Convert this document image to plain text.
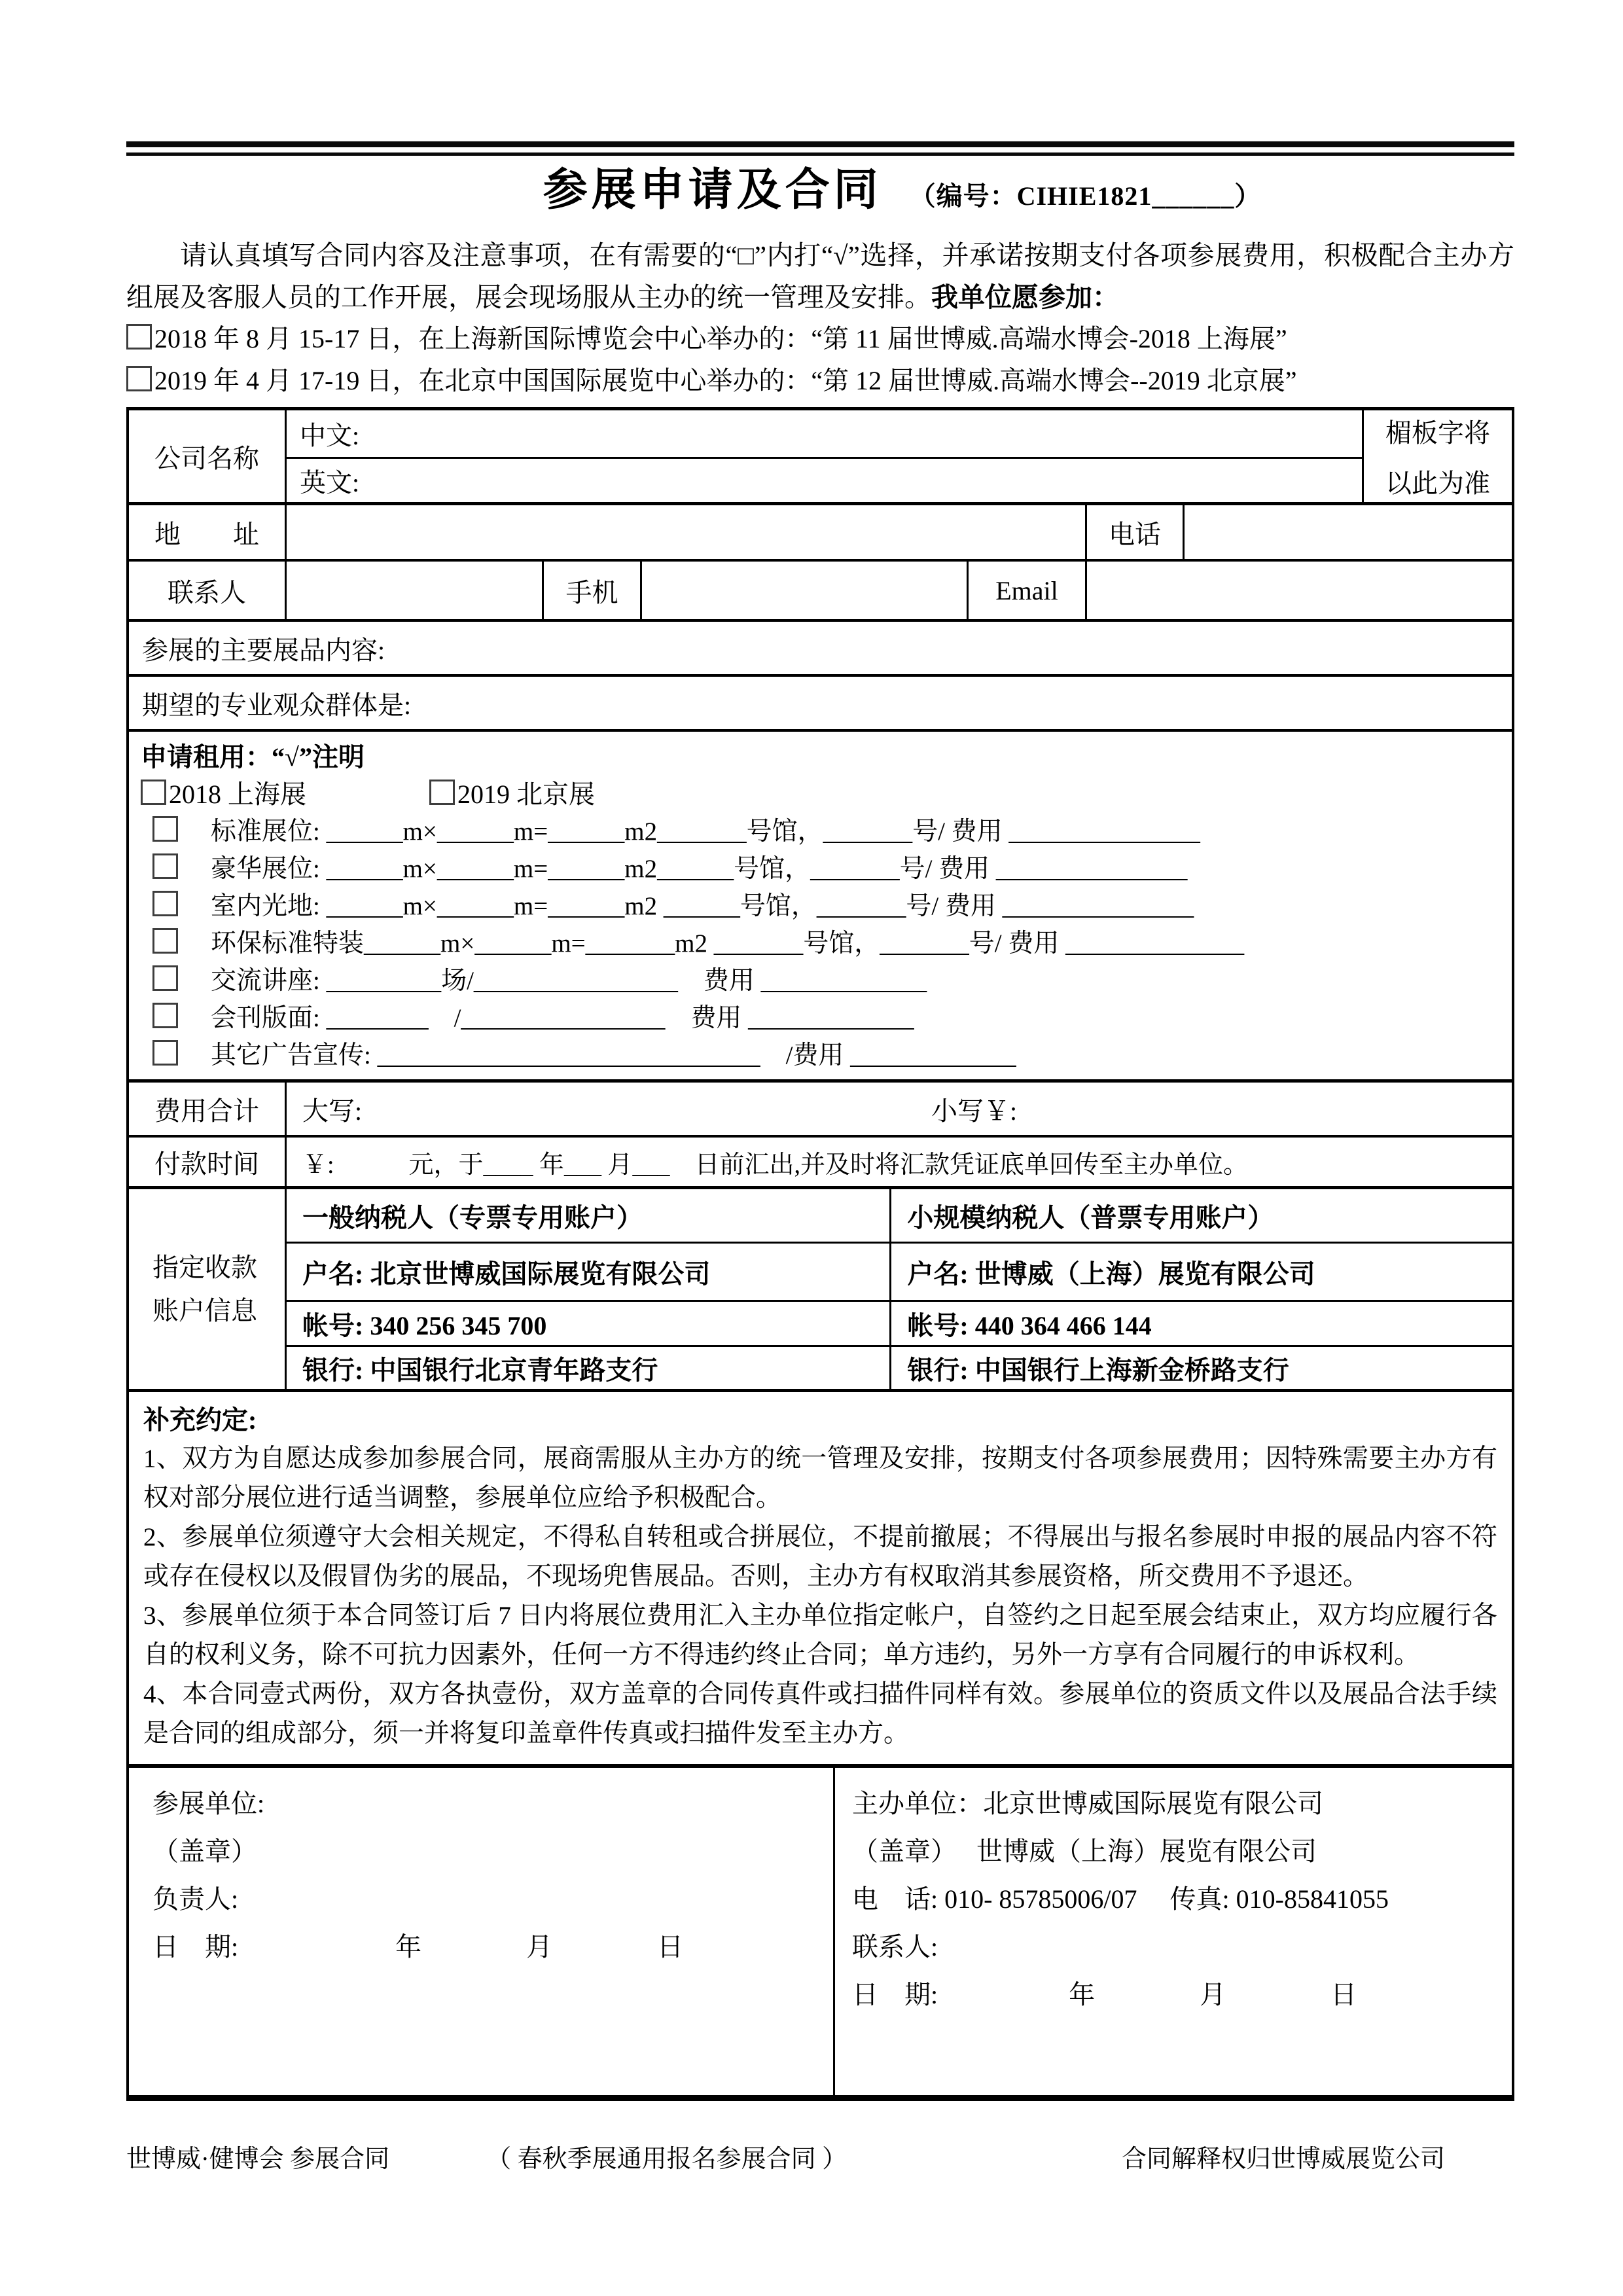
参展申请及合同 （编号：CIHIE1821______）

请认真填写合同内容及注意事项，在有需要的“□”内打“√”选择，并承诺按期支付各项参展费用，积极配合主办方组展及客服人员的工作开展，展会现场服从主办的统一管理及安排。我单位愿参加：

2018 年 8 月 15-17 日，在上海新国际博览会中心举办的：“第 11 届世博威.高端水博会-2018 上海展”
2019 年 4 月 17-19 日，在北京中国国际展览中心举办的：“第 12 届世博威.高端水博会--2019 北京展”
公司名称
中文:
英文:
楣板字将
以此为准
地　　址	电话
联系人	手机	Email
参展的主要展品内容:
期望的专业观众群体是:
申请租用：“√”注明
2018 上海展	2019 北京展
标准展位: ______m×______m=______m2_______号馆，_______号/ 费用 _______________
豪华展位: ______m×______m=______m2______号馆，_______号/ 费用 _______________
室内光地: ______m×______m=______m2 ______号馆，_______号/ 费用 _______________
环保标准特装______m×______m=_______m2 _______号馆，_______号/ 费用 ______________
交流讲座: _________场/________________　费用 _____________
会刊版面: ________　/________________　费用 _____________
其它广告宣传: ______________________________　/费用 _____________
费用合计	大写:	小写￥:
付款时间	￥:　　　元，于____ 年___ 月___　日前汇出,并及时将汇款凭证底单回传至主办单位。
指定收款
账户信息
一般纳税人（专票专用账户）	小规模纳税人（普票专用账户）
户名: 北京世博威国际展览有限公司	户名: 世博威（上海）展览有限公司
帐号: 340 256 345 700	帐号: 440 364 466 144
银行: 中国银行北京青年路支行	银行: 中国银行上海新金桥路支行
补充约定:

1、双方为自愿达成参加参展合同，展商需服从主办方的统一管理及安排，按期支付各项参展费用；因特殊需要主办方有权对部分展位进行适当调整，参展单位应给予积极配合。

2、参展单位须遵守大会相关规定，不得私自转租或合拼展位，不提前撤展；不得展出与报名参展时申报的展品内容不符或存在侵权以及假冒伪劣的展品，不现场兜售展品。否则，主办方有权取消其参展资格，所交费用不予退还。

3、参展单位须于本合同签订后 7 日内将展位费用汇入主办单位指定帐户，自签约之日起至展会结束止，双方均应履行各自的权利义务，除不可抗力因素外，任何一方不得违约终止合同；单方违约，另外一方享有合同履行的申诉权利。

4、本合同壹式两份，双方各执壹份，双方盖章的合同传真件或扫描件同样有效。参展单位的资质文件以及展品合法手续是合同的组成部分，须一并将复印盖章件传真或扫描件发至主办方。

参展单位:
（盖章）
负责人:
日　期:　　　　　　年　　　　月　　　　日
主办单位：北京世博威国际展览有限公司
（盖章）　 世博威（上海）展览有限公司
电　话: 010- 85785006/07　 传真: 010-85841055
联系人:
日　期:　　　　　年　　　　月　　　　日
世博威·健博会 参展合同	（ 春秋季展通用报名参展合同 ）	合同解释权归世博威展览公司
